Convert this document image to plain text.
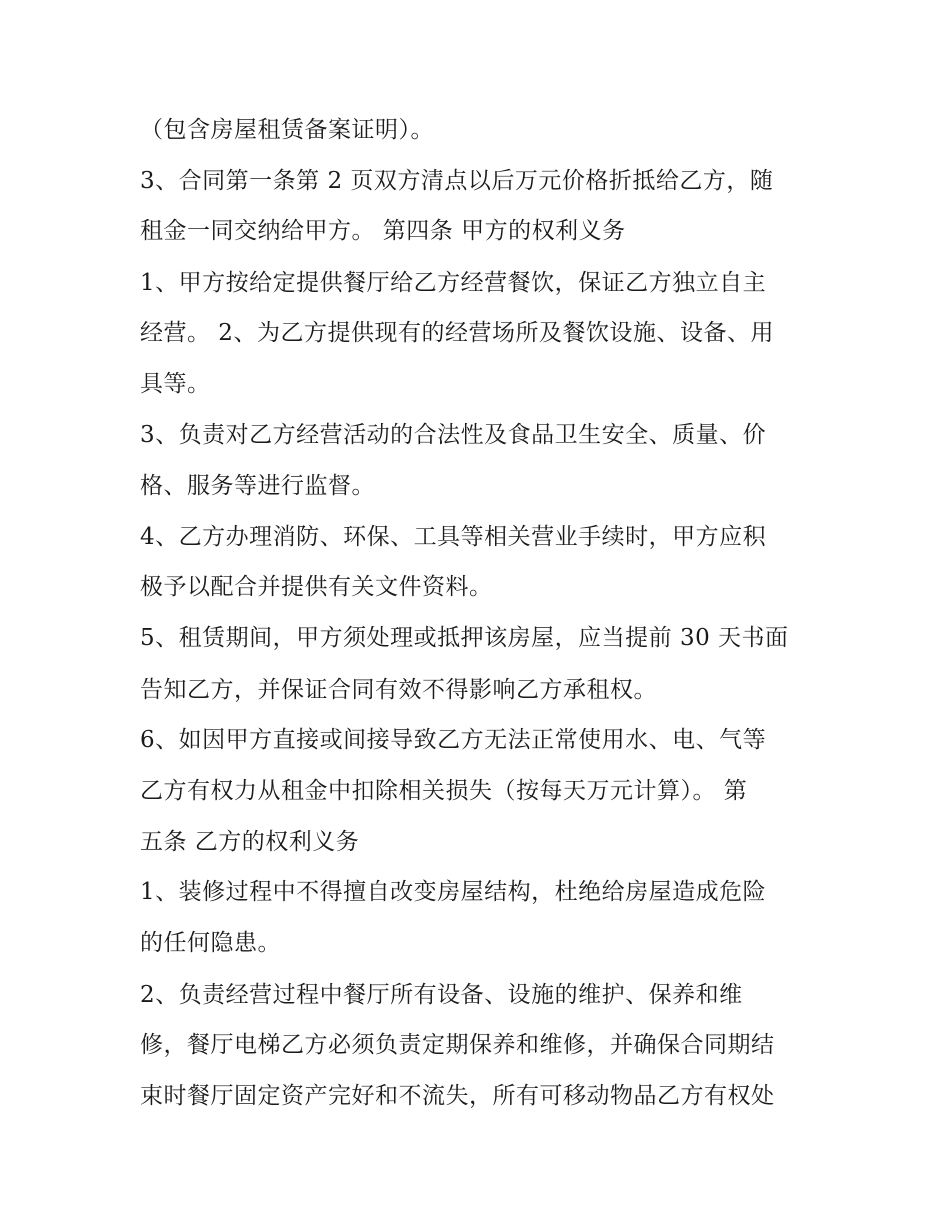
（包含房屋租赁备案证明）。
3、合同第一条第 2 页双方清点以后万元价格折抵给乙方，随
租金一同交纳给甲方。 第四条 甲方的权利义务
1、甲方按给定提供餐厅给乙方经营餐饮，保证乙方独立自主
经营。 2、为乙方提供现有的经营场所及餐饮设施、设备、用
具等。
3、负责对乙方经营活动的合法性及食品卫生安全、质量、价
格、服务等进行监督。
4、乙方办理消防、环保、工具等相关营业手续时，甲方应积
极予以配合并提供有关文件资料。
5、租赁期间，甲方须处理或抵押该房屋，应当提前 30 天书面
告知乙方，并保证合同有效不得影响乙方承租权。
6、如因甲方直接或间接导致乙方无法正常使用水、电、气等
乙方有权力从租金中扣除相关损失（按每天万元计算）。 第
五条 乙方的权利义务
1、装修过程中不得擅自改变房屋结构，杜绝给房屋造成危险
的任何隐患。
2、负责经营过程中餐厅所有设备、设施的维护、保养和维
修，餐厅电梯乙方必须负责定期保养和维修，并确保合同期结
束时餐厅固定资产完好和不流失，所有可移动物品乙方有权处
